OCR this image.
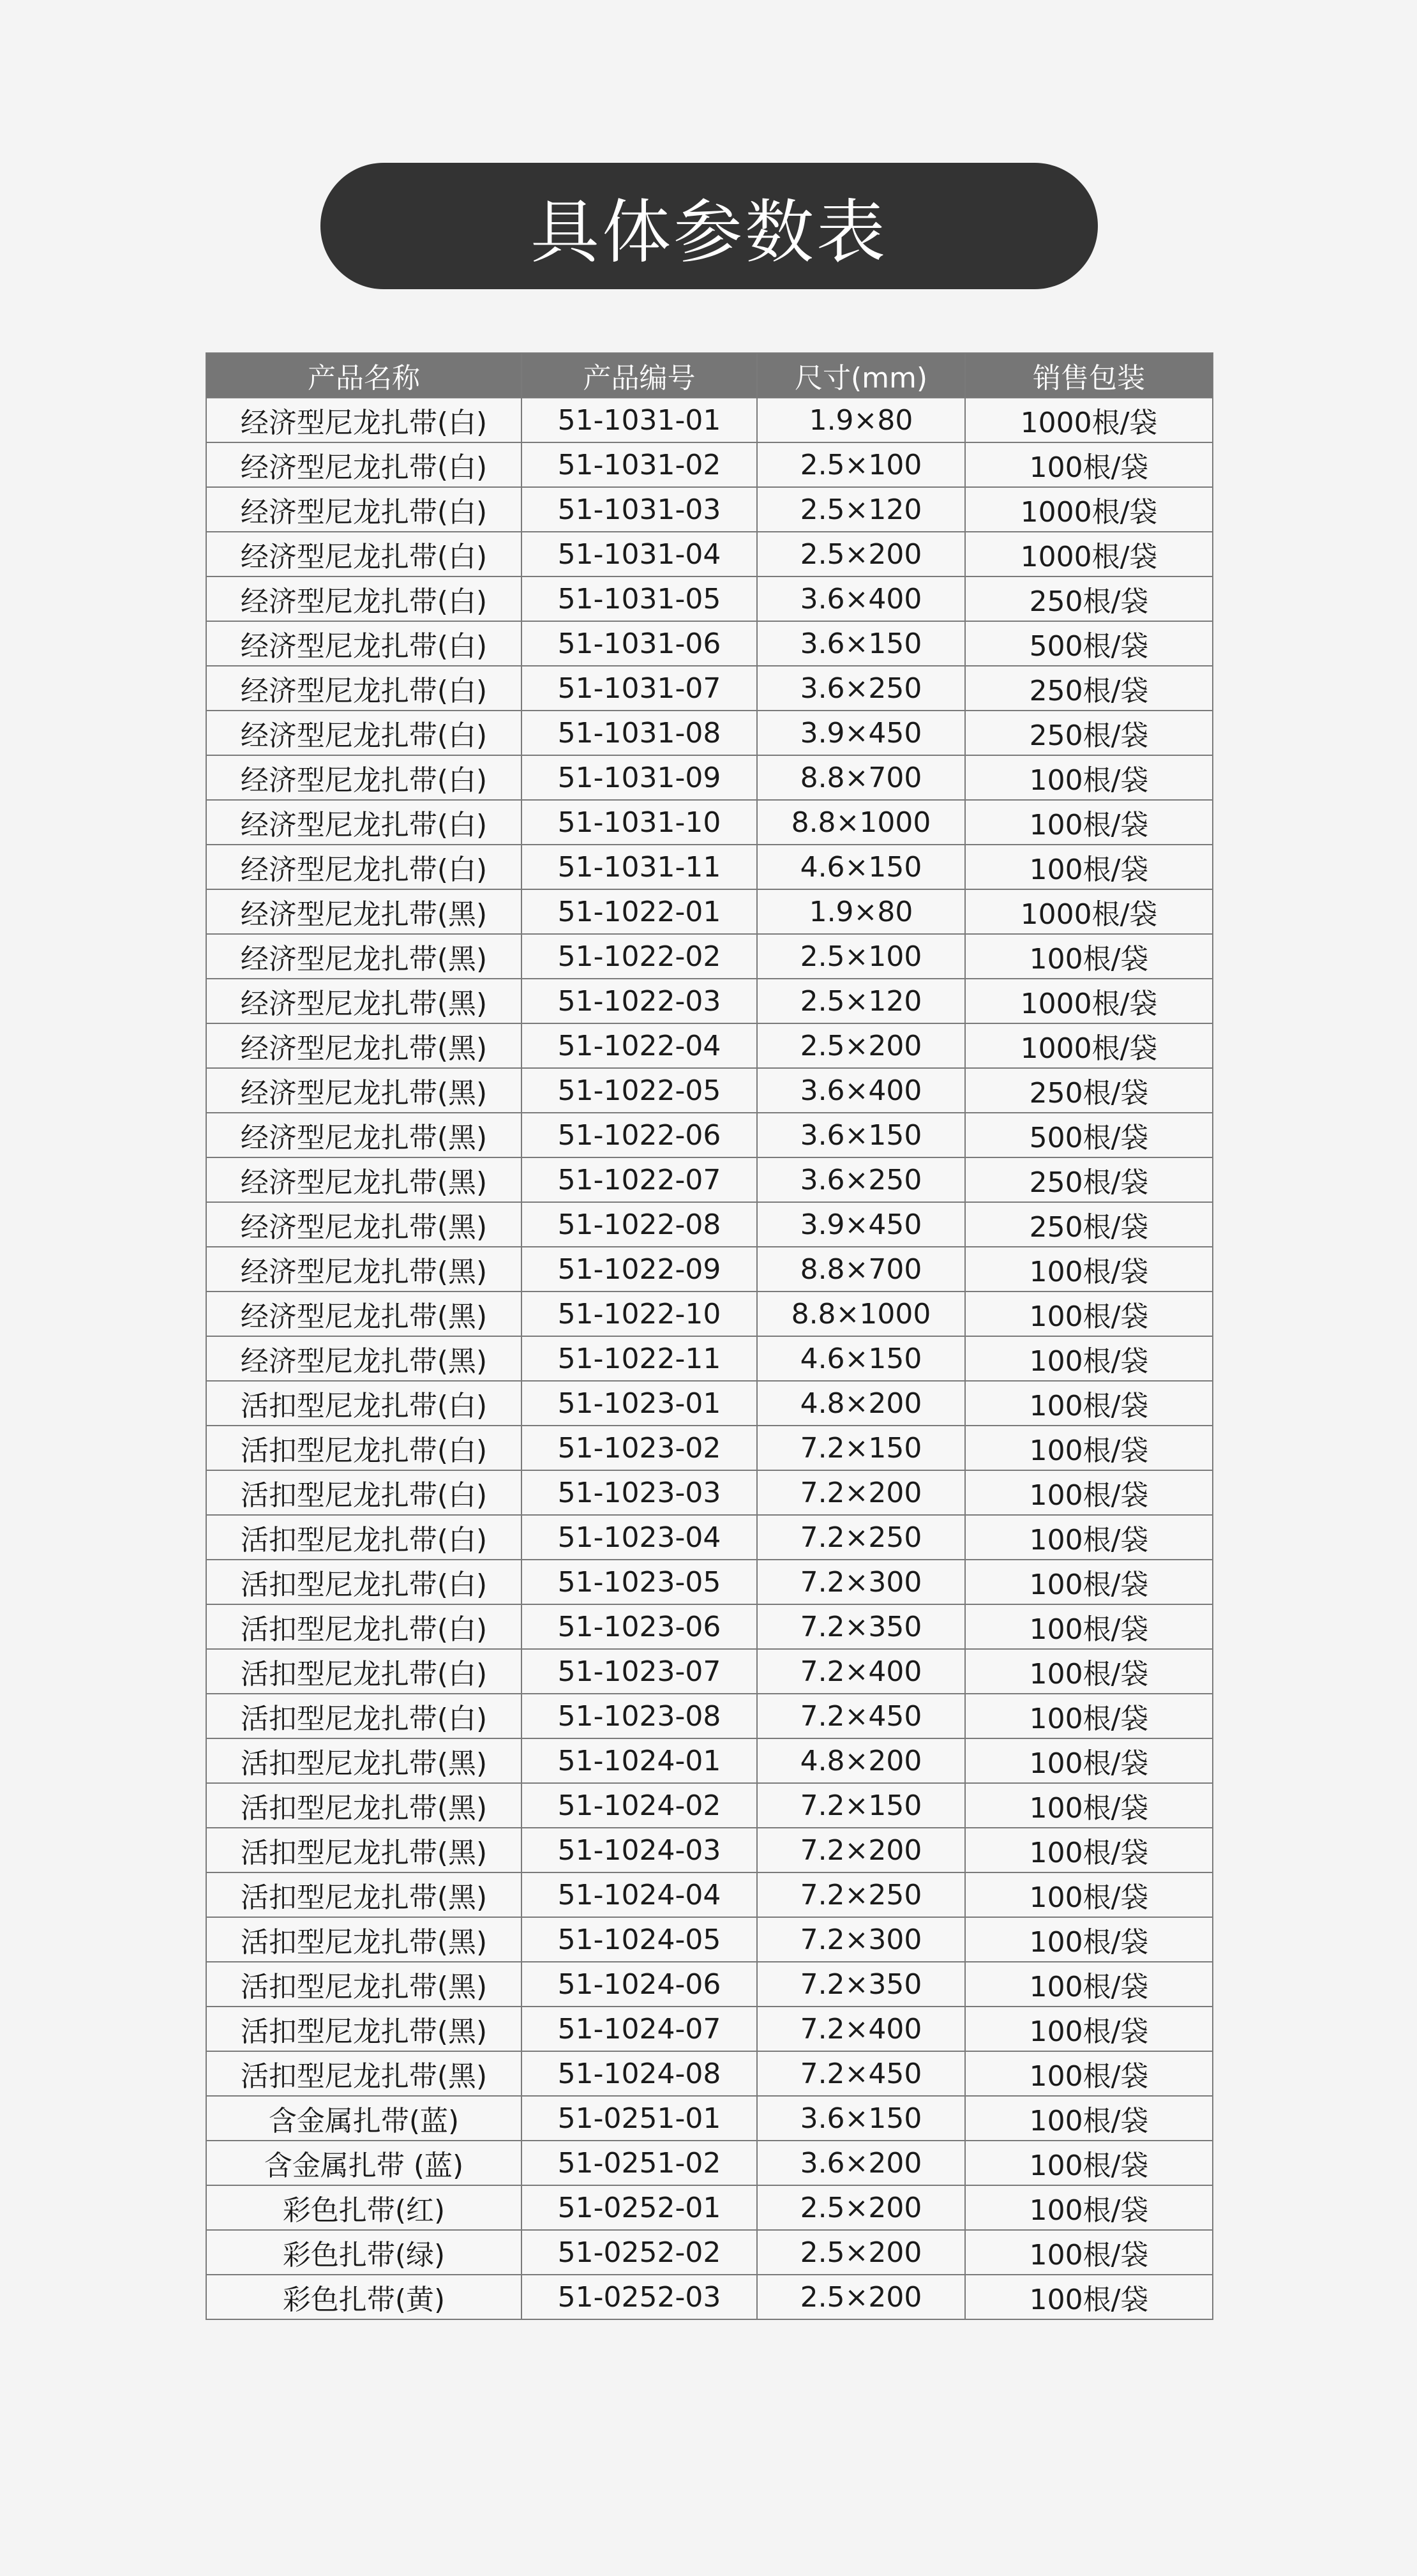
具体参数表
产品名称	产品编号	尺寸(mm)	销售包装
经济型尼龙扎带(白)	51-1031-01	1.9×80	1000根/袋
经济型尼龙扎带(白)	51-1031-02	2.5×100	100根/袋
经济型尼龙扎带(白)	51-1031-03	2.5×120	1000根/袋
经济型尼龙扎带(白)	51-1031-04	2.5×200	1000根/袋
经济型尼龙扎带(白)	51-1031-05	3.6×400	250根/袋
经济型尼龙扎带(白)	51-1031-06	3.6×150	500根/袋
经济型尼龙扎带(白)	51-1031-07	3.6×250	250根/袋
经济型尼龙扎带(白)	51-1031-08	3.9×450	250根/袋
经济型尼龙扎带(白)	51-1031-09	8.8×700	100根/袋
经济型尼龙扎带(白)	51-1031-10	8.8×1000	100根/袋
经济型尼龙扎带(白)	51-1031-11	4.6×150	100根/袋
经济型尼龙扎带(黑)	51-1022-01	1.9×80	1000根/袋
经济型尼龙扎带(黑)	51-1022-02	2.5×100	100根/袋
经济型尼龙扎带(黑)	51-1022-03	2.5×120	1000根/袋
经济型尼龙扎带(黑)	51-1022-04	2.5×200	1000根/袋
经济型尼龙扎带(黑)	51-1022-05	3.6×400	250根/袋
经济型尼龙扎带(黑)	51-1022-06	3.6×150	500根/袋
经济型尼龙扎带(黑)	51-1022-07	3.6×250	250根/袋
经济型尼龙扎带(黑)	51-1022-08	3.9×450	250根/袋
经济型尼龙扎带(黑)	51-1022-09	8.8×700	100根/袋
经济型尼龙扎带(黑)	51-1022-10	8.8×1000	100根/袋
经济型尼龙扎带(黑)	51-1022-11	4.6×150	100根/袋
活扣型尼龙扎带(白)	51-1023-01	4.8×200	100根/袋
活扣型尼龙扎带(白)	51-1023-02	7.2×150	100根/袋
活扣型尼龙扎带(白)	51-1023-03	7.2×200	100根/袋
活扣型尼龙扎带(白)	51-1023-04	7.2×250	100根/袋
活扣型尼龙扎带(白)	51-1023-05	7.2×300	100根/袋
活扣型尼龙扎带(白)	51-1023-06	7.2×350	100根/袋
活扣型尼龙扎带(白)	51-1023-07	7.2×400	100根/袋
活扣型尼龙扎带(白)	51-1023-08	7.2×450	100根/袋
活扣型尼龙扎带(黑)	51-1024-01	4.8×200	100根/袋
活扣型尼龙扎带(黑)	51-1024-02	7.2×150	100根/袋
活扣型尼龙扎带(黑)	51-1024-03	7.2×200	100根/袋
活扣型尼龙扎带(黑)	51-1024-04	7.2×250	100根/袋
活扣型尼龙扎带(黑)	51-1024-05	7.2×300	100根/袋
活扣型尼龙扎带(黑)	51-1024-06	7.2×350	100根/袋
活扣型尼龙扎带(黑)	51-1024-07	7.2×400	100根/袋
活扣型尼龙扎带(黑)	51-1024-08	7.2×450	100根/袋
含金属扎带(蓝)	51-0251-01	3.6×150	100根/袋
含金属扎带 (蓝)	51-0251-02	3.6×200	100根/袋
彩色扎带(红)	51-0252-01	2.5×200	100根/袋
彩色扎带(绿)	51-0252-02	2.5×200	100根/袋
彩色扎带(黄)	51-0252-03	2.5×200	100根/袋
